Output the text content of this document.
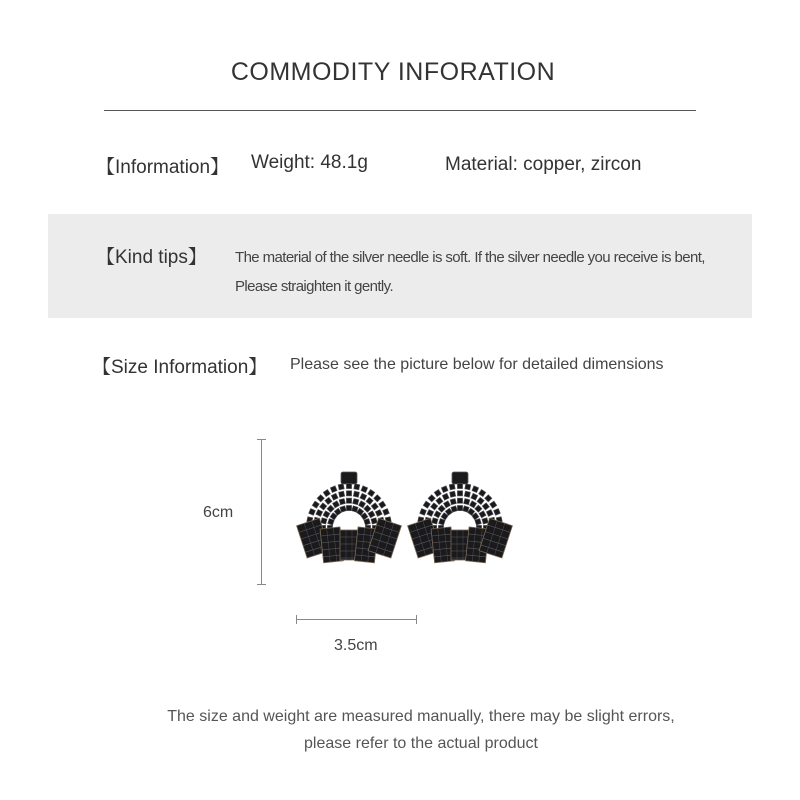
COMMODITY INFORATION
【Information】 Weight: 48.1g	Material: copper, zircon
【Kind tips】 The material of the silver needle is soft. If the silver needle you receive is bent,
Please straighten it gently.
【Size Information】 Please see the picture below for detailed dimensions
6cm
3.5cm
The size and weight are measured manually, there may be slight errors,
please refer to the actual product
